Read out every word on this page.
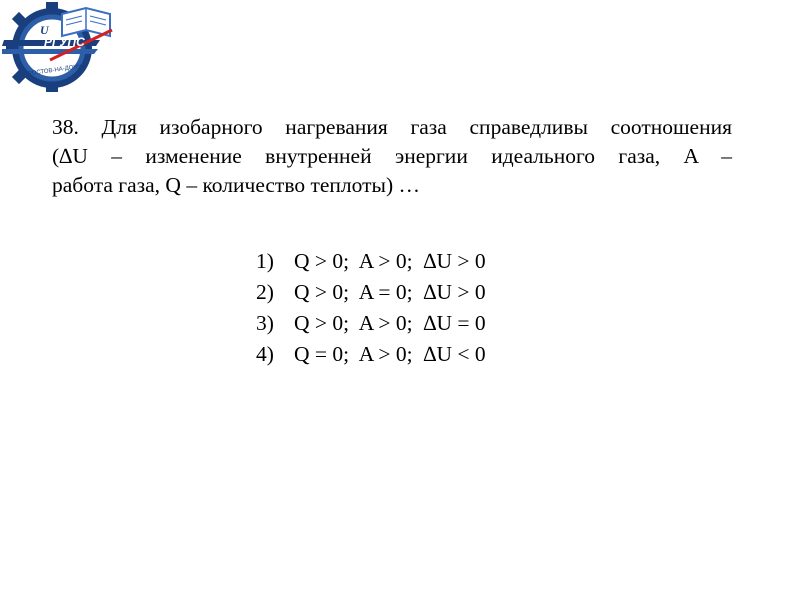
U
РГУПС
РОСТОВ-НА-ДОНУ

38. Для изобарного нагревания газа справедливы соотношения
(∆U – изменение внутренней энергии идеального газа, A –
работа газа, Q – количество теплоты) …

1) Q > 0;  A > 0;  ∆U > 0
2) Q > 0;  A = 0;  ∆U > 0
3) Q > 0;  A > 0;  ∆U = 0
4) Q = 0;  A > 0;  ∆U < 0
